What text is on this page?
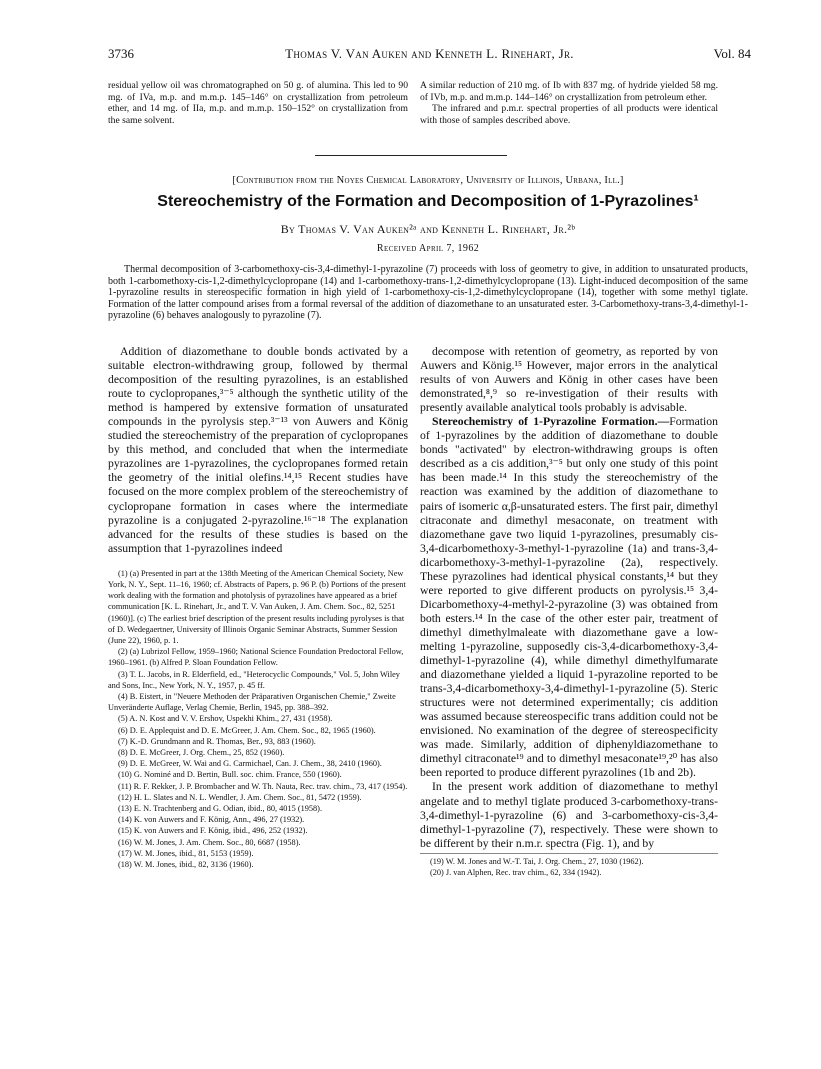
3736	Thomas V. Van Auken and Kenneth L. Rinehart, Jr.	Vol. 84

residual yellow oil was chromatographed on 50 g. of alumina. This led to 90 mg. of IVa, m.p. and m.m.p. 145–146° on crystallization from petroleum ether, and 14 mg. of IIa, m.p. and m.m.p. 150–152° on crystallization from the same solvent.

A similar reduction of 210 mg. of Ib with 837 mg. of hydride yielded 58 mg. of IVb, m.p. and m.m.p. 144–146° on crystallization from petroleum ether.

The infrared and p.m.r. spectral properties of all products were identical with those of samples described above.

[Contribution from the Noyes Chemical Laboratory, University of Illinois, Urbana, Ill.]
Stereochemistry of the Formation and Decomposition of 1-Pyrazolines¹
By Thomas V. Van Auken²ᵃ and Kenneth L. Rinehart, Jr.²ᵇ
Received April 7, 1962

Thermal decomposition of 3-carbomethoxy-cis-3,4-dimethyl-1-pyrazoline (7) proceeds with loss of geometry to give, in addition to unsaturated products, both 1-carbomethoxy-cis-1,2-dimethylcyclopropane (14) and 1-carbomethoxy-trans-1,2-dimethylcyclopropane (13). Light-induced decomposition of the same 1-pyrazoline results in stereospecific formation in high yield of 1-carbomethoxy-cis-1,2-dimethylcyclopropane (14), together with some methyl tiglate. Formation of the latter compound arises from a formal reversal of the addition of diazomethane to an unsaturated ester. 3-Carbomethoxy-trans-3,4-dimethyl-1-pyrazoline (6) behaves analogously to pyrazoline (7).

Addition of diazomethane to double bonds activated by a suitable electron-withdrawing group, followed by thermal decomposition of the resulting pyrazolines, is an established route to cyclopropanes,³⁻⁵ although the synthetic utility of the method is hampered by extensive formation of unsaturated compounds in the pyrolysis step.³⁻¹³ von Auwers and König studied the stereochemistry of the preparation of cyclopropanes by this method, and concluded that when the intermediate pyrazolines are 1-pyrazolines, the cyclopropanes formed retain the geometry of the initial olefins.¹⁴,¹⁵ Recent studies have focused on the more complex problem of the stereochemistry of cyclopropane formation in cases where the intermediate pyrazoline is a conjugated 2-pyrazoline.¹⁶⁻¹⁸ The explanation advanced for the results of these studies is based on the assumption that 1-pyrazolines indeed

(1) (a) Presented in part at the 138th Meeting of the American Chemical Society, New York, N. Y., Sept. 11–16, 1960; cf. Abstracts of Papers, p. 96 P. (b) Portions of the present work dealing with the formation and photolysis of pyrazolines have appeared as a brief communication [K. L. Rinehart, Jr., and T. V. Van Auken, J. Am. Chem. Soc., 82, 5251 (1960)]. (c) The earliest brief description of the present results including pyrolyses is that of D. Wedegaertner, University of Illinois Organic Seminar Abstracts, Summer Session (June 22), 1960, p. 1.
(2) (a) Lubrizol Fellow, 1959–1960; National Science Foundation Predoctoral Fellow, 1960–1961. (b) Alfred P. Sloan Foundation Fellow.
(3) T. L. Jacobs, in R. Elderfield, ed., "Heterocyclic Compounds," Vol. 5, John Wiley and Sons, Inc., New York, N. Y., 1957, p. 45 ff.
(4) B. Eistert, in "Neuere Methoden der Präparativen Organischen Chemie," Zweite Unveränderte Auflage, Verlag Chemie, Berlin, 1945, pp. 388–392.
(5) A. N. Kost and V. V. Ershov, Uspekhi Khim., 27, 431 (1958).
(6) D. E. Applequist and D. E. McGreer, J. Am. Chem. Soc., 82, 1965 (1960).
(7) K.-D. Grundmann and R. Thomas, Ber., 93, 883 (1960).
(8) D. E. McGreer, J. Org. Chem., 25, 852 (1960).
(9) D. E. McGreer, W. Wai and G. Carmichael, Can. J. Chem., 38, 2410 (1960).
(10) G. Nominé and D. Bertin, Bull. soc. chim. France, 550 (1960).
(11) R. F. Rekker, J. P. Brombacher and W. Th. Nauta, Rec. trav. chim., 73, 417 (1954).
(12) H. L. Slates and N. L. Wendler, J. Am. Chem. Soc., 81, 5472 (1959).
(13) E. N. Trachtenberg and G. Odian, ibid., 80, 4015 (1958).
(14) K. von Auwers and F. König, Ann., 496, 27 (1932).
(15) K. von Auwers and F. König, ibid., 496, 252 (1932).
(16) W. M. Jones, J. Am. Chem. Soc., 80, 6687 (1958).
(17) W. M. Jones, ibid., 81, 5153 (1959).
(18) W. M. Jones, ibid., 82, 3136 (1960).

decompose with retention of geometry, as reported by von Auwers and König.¹⁵ However, major errors in the analytical results of von Auwers and König in other cases have been demonstrated,⁸,⁹ so re-investigation of their results with presently available analytical tools probably is advisable.

Stereochemistry of 1-Pyrazoline Formation.—Formation of 1-pyrazolines by the addition of diazomethane to double bonds "activated" by electron-withdrawing groups is often described as a cis addition,³⁻⁵ but only one study of this point has been made.¹⁴ In this study the stereochemistry of the reaction was examined by the addition of diazomethane to pairs of isomeric α,β-unsaturated esters. The first pair, dimethyl citraconate and dimethyl mesaconate, on treatment with diazomethane gave two liquid 1-pyrazolines, presumably cis-3,4-dicarbomethoxy-3-methyl-1-pyrazoline (1a) and trans-3,4-dicarbomethoxy-3-methyl-1-pyrazoline (2a), respectively. These pyrazolines had identical physical constants,¹⁴ but they were reported to give different products on pyrolysis.¹⁵ 3,4-Dicarbomethoxy-4-methyl-2-pyrazoline (3) was obtained from both esters.¹⁴ In the case of the other ester pair, treatment of dimethyl dimethylmaleate with diazomethane gave a low-melting 1-pyrazoline, supposedly cis-3,4-dicarbomethoxy-3,4-dimethyl-1-pyrazoline (4), while dimethyl dimethylfumarate and diazomethane yielded a liquid 1-pyrazoline reported to be trans-3,4-dicarbomethoxy-3,4-dimethyl-1-pyrazoline (5). Steric structures were not determined experimentally; cis addition was assumed because stereospecific trans addition could not be envisioned. No examination of the degree of stereospecificity was made. Similarly, addition of diphenyldiazomethane to dimethyl citraconate¹⁹ and to dimethyl mesaconate¹⁹,²⁰ has also been reported to produce different pyrazolines (1b and 2b).

In the present work addition of diazomethane to methyl angelate and to methyl tiglate produced 3-carbomethoxy-trans-3,4-dimethyl-1-pyrazoline (6) and 3-carbomethoxy-cis-3,4-dimethyl-1-pyrazoline (7), respectively. These were shown to be different by their n.m.r. spectra (Fig. 1), and by

(19) W. M. Jones and W.-T. Tai, J. Org. Chem., 27, 1030 (1962).
(20) J. van Alphen, Rec. trav chim., 62, 334 (1942).
